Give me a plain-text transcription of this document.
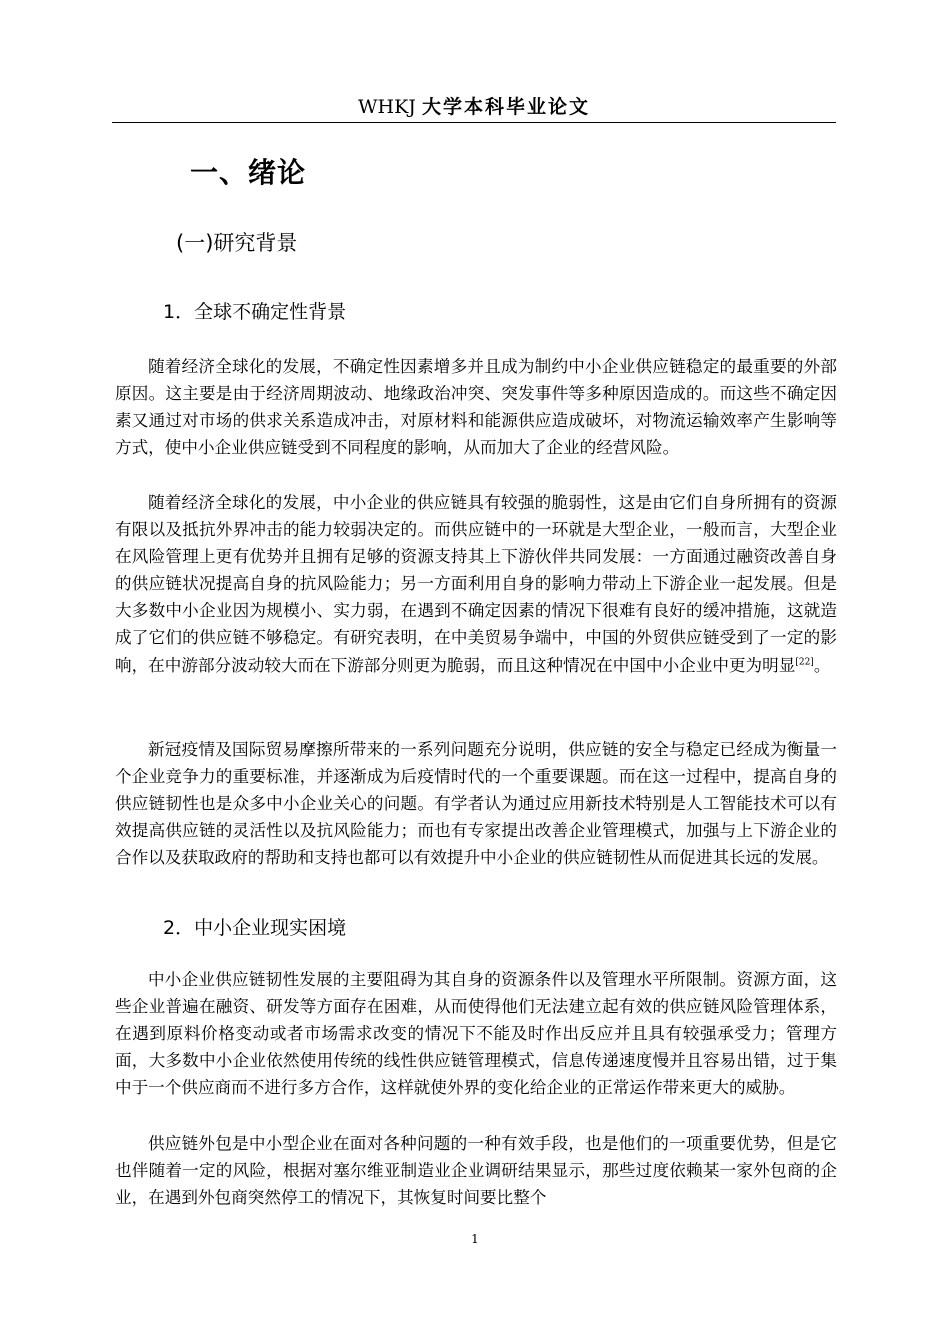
WHKJ 大学本科毕业论文
一、绪论
(一)研究背景
1．全球不确定性背景

随着经济全球化的发展，不确定性因素增多并且成为制约中小企业供应链稳定的最重要的外部原因。这主要是由于经济周期波动、地缘政治冲突、突发事件等多种原因造成的。而这些不确定因素又通过对市场的供求关系造成冲击，对原材料和能源供应造成破坏，对物流运输效率产生影响等方式，使中小企业供应链受到不同程度的影响，从而加大了企业的经营风险。

随着经济全球化的发展，中小企业的供应链具有较强的脆弱性，这是由它们自身所拥有的资源有限以及抵抗外界冲击的能力较弱决定的。而供应链中的一环就是大型企业，一般而言，大型企业在风险管理上更有优势并且拥有足够的资源支持其上下游伙伴共同发展：一方面通过融资改善自身的供应链状况提高自身的抗风险能力；另一方面利用自身的影响力带动上下游企业一起发展。但是大多数中小企业因为规模小、实力弱，在遇到不确定因素的情况下很难有良好的缓冲措施，这就造成了它们的供应链不够稳定。有研究表明，在中美贸易争端中，中国的外贸供应链受到了一定的影响，在中游部分波动较大而在下游部分则更为脆弱，而且这种情况在中国中小企业中更为明显[22]。

新冠疫情及国际贸易摩擦所带来的一系列问题充分说明，供应链的安全与稳定已经成为衡量一个企业竞争力的重要标准，并逐渐成为后疫情时代的一个重要课题。而在这一过程中，提高自身的供应链韧性也是众多中小企业关心的问题。有学者认为通过应用新技术特别是人工智能技术可以有效提高供应链的灵活性以及抗风险能力；而也有专家提出改善企业管理模式，加强与上下游企业的合作以及获取政府的帮助和支持也都可以有效提升中小企业的供应链韧性从而促进其长远的发展。

2．中小企业现实困境

中小企业供应链韧性发展的主要阻碍为其自身的资源条件以及管理水平所限制。资源方面，这些企业普遍在融资、研发等方面存在困难，从而使得他们无法建立起有效的供应链风险管理体系，在遇到原料价格变动或者市场需求改变的情况下不能及时作出反应并且具有较强承受力；管理方面，大多数中小企业依然使用传统的线性供应链管理模式，信息传递速度慢并且容易出错，过于集中于一个供应商而不进行多方合作，这样就使外界的变化给企业的正常运作带来更大的威胁。

供应链外包是中小型企业在面对各种问题的一种有效手段，也是他们的一项重要优势，但是它也伴随着一定的风险，根据对塞尔维亚制造业企业调研结果显示，那些过度依赖某一家外包商的企业，在遇到外包商突然停工的情况下，其恢复时间要比整个

1
